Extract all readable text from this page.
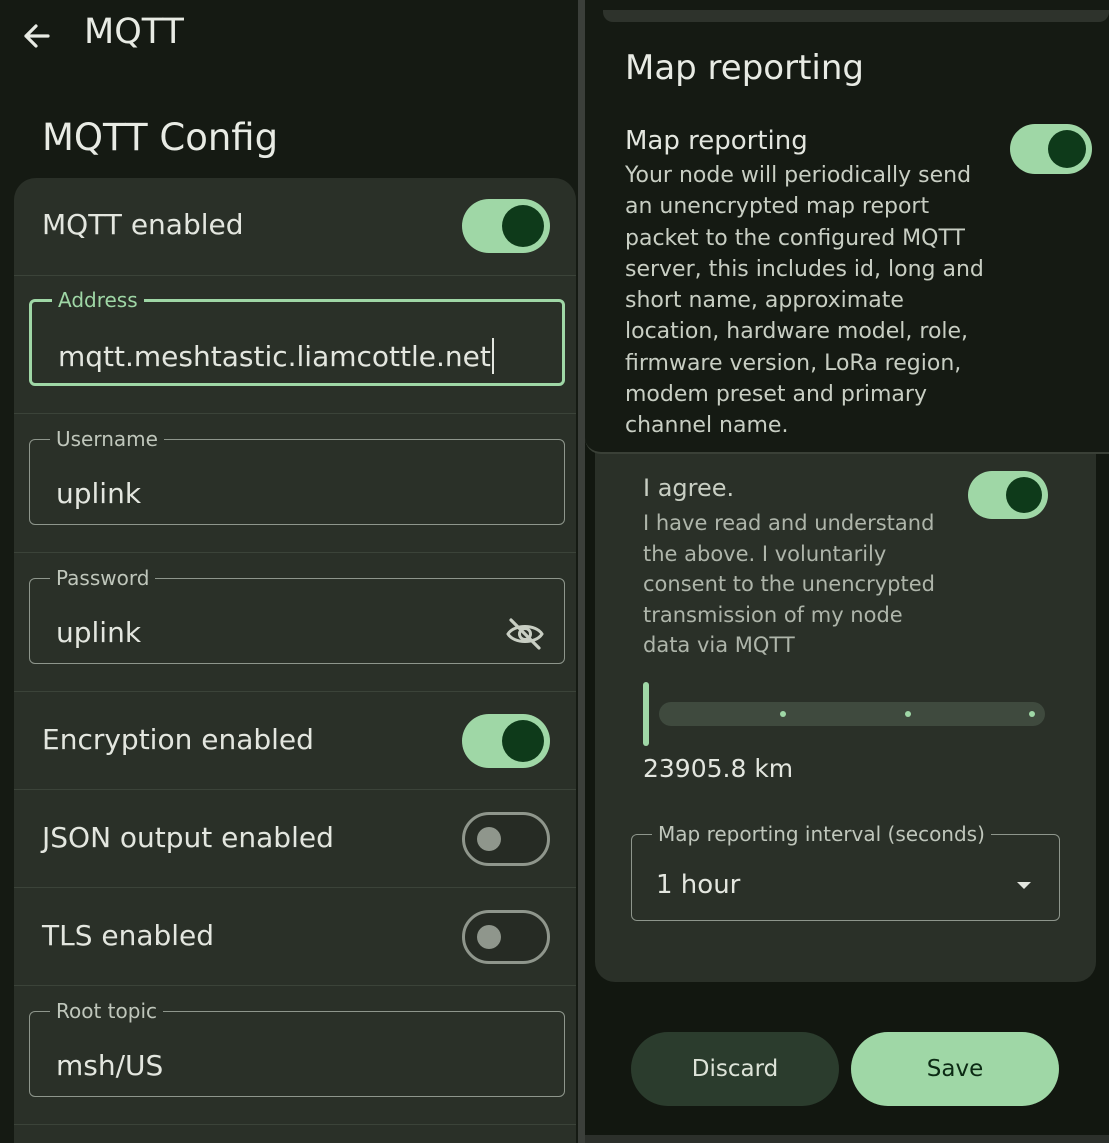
MQTT
MQTT Config
MQTT enabled
Address
mqtt.meshtastic.liamcottle.net
Username
uplink
Password
uplink
Encryption enabled
JSON output enabled
TLS enabled
Root topic
msh/US
Map reporting
Map reporting
Your node will periodically send an unencrypted map report packet to the configured MQTT server, this includes id, long and short name, approximate location, hardware model, role, firmware version, LoRa region, modem preset and primary channel name.
I agree.
I have read and understand the above. I voluntarily consent to the unencrypted transmission of my node data via MQTT
23905.8 km
Map reporting interval (seconds)
1 hour
Discard	Save
